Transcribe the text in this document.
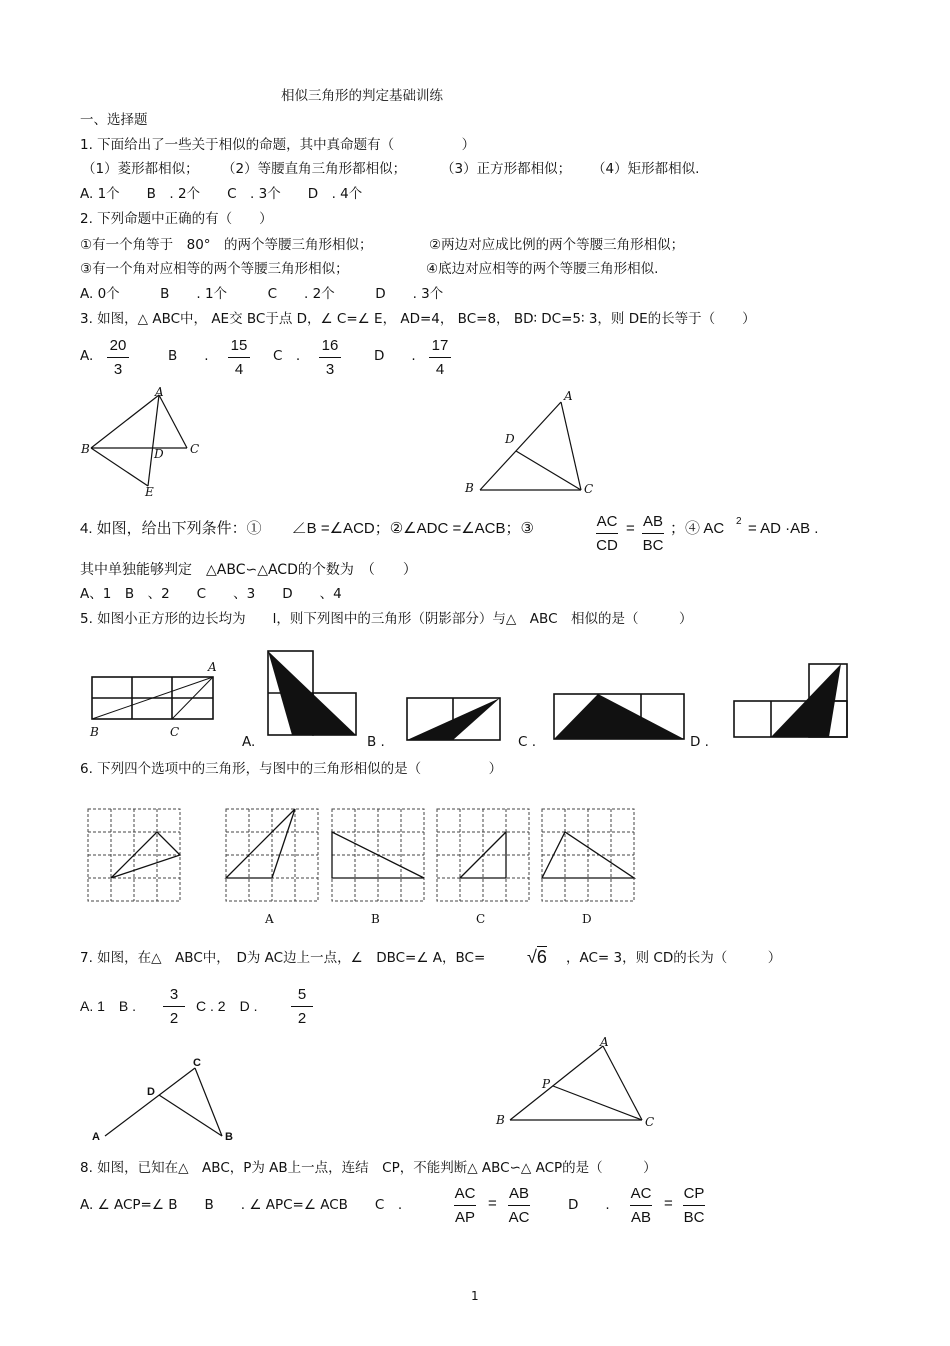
相似三角形的判定基础训练
一、选择题
1. 下面给出了一些关于相似的命题，其中真命题有（　　　　　）
（1）菱形都相似； （2）等腰直角三角形都相似；	（3）正方形都相似； （4）矩形都相似.
A. 1个　　B　. 2个　　C　. 3个　　D　. 4个
2. 下列命题中正确的有（　　）
①有一个角等于　80°　的两个等腰三角形相似；	②两边对应成比例的两个等腰三角形相似；
③有一个角对应相等的两个等腰三角形相似；	④底边对应相等的两个等腰三角形相似.
A. 0个　　　B　　. 1个　　　C　　. 2个　　　D　　. 3个
3. 如图，△ ABC中， AE交 BC于点 D，∠ C=∠ E， AD=4， BC=8， BD∶ DC=5∶ 3，则 DE的长等于（　　）
A.
20
3
B　　.
15
4
C　.
16
3
D　　.
17
4
A
B	C
D
E
A
B	C
D
4. 如图，给出下列条件：①　　∠B =∠ACD；②∠ADC =∠ACB；③	AC
CD
= AB
BC
；④ AC 2 = AD ·AB .
其中单独能够判定　△ABC∽△ACD的个数为　（　　）
A、1　B　、2　　C　　、3　　D　　、4
5. 如图小正方形的边长均为　　l，则下列图中的三角形（阴影部分）与△　ABC　相似的是（　　　）
A
B	C
A.	B .	C .	D .
6. 下列四个选项中的三角形，与图中的三角形相似的是（　　　　　）
A	B	C	D
7. 如图，在△　ABC中，　D为 AC边上一点，∠　DBC=∠ A，BC= √6 ，AC= 3，则 CD的长为（　　　）
A. 1　B .
3
2
C . 2　D .
5
2
A	B
C
D
A
B	C
P
8. 如图，已知在△　ABC，P为 AB上一点，连结　CP，不能判断△ ABC∽△ ACP的是（　　　）
A. ∠ ACP=∠ B　　B　　. ∠ APC=∠ ACB　　C　.
AC
AP
=
AB
AC
D　　.
AC
AB
=
CP
BC
1
